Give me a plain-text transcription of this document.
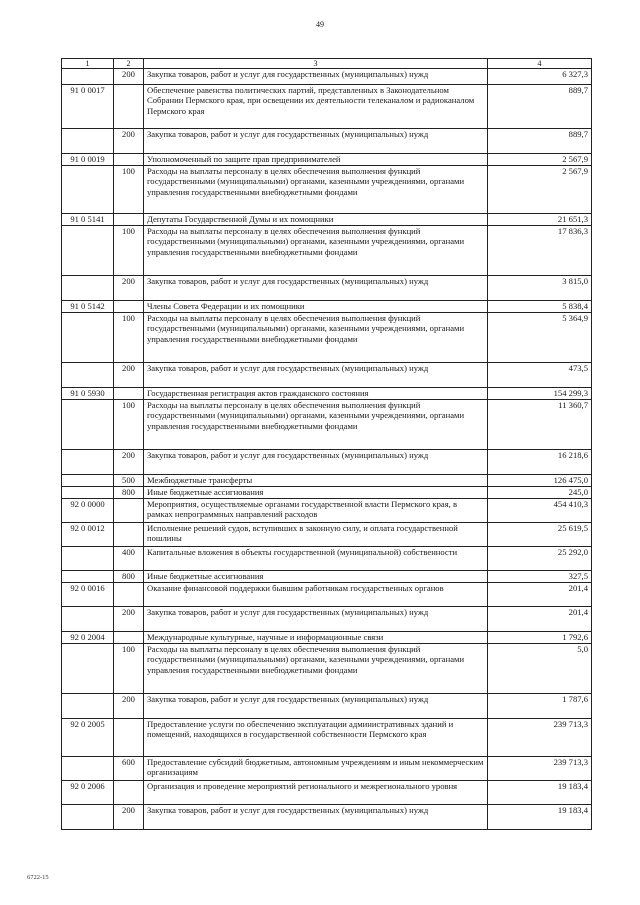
49
1	2	3	4
	200	Закупка товаров, работ и услуг для государственных (муниципальных) нужд	6 327,3
91 0 0017		Обеспечение равенства политических партий, представленных в Законодательном Собрании Пермского края, при освещении их деятельности телеканалом и радиоканалом Пермского края	889,7
	200	Закупка товаров, работ и услуг для государственных (муниципальных) нужд	889,7
91 0 0019		Уполномоченный по защите прав предпринимателей	2 567,9
	100	Расходы на выплаты персоналу в целях обеспечения выполнения функций государственными (муниципальными) органами, казенными учреждениями, органами управления государственными внебюджетными фондами	2 567,9
91 0 5141		Депутаты Государственной Думы и их помощники	21 651,3
	100	Расходы на выплаты персоналу в целях обеспечения выполнения функций государственными (муниципальными) органами, казенными учреждениями, органами управления государственными внебюджетными фондами	17 836,3
	200	Закупка товаров, работ и услуг для государственных (муниципальных) нужд	3 815,0
91 0 5142		Члены Совета Федерации и их помощники	5 838,4
	100	Расходы на выплаты персоналу в целях обеспечения выполнения функций государственными (муниципальными) органами, казенными учреждениями, органами управления государственными внебюджетными фондами	5 364,9
	200	Закупка товаров, работ и услуг для государственных (муниципальных) нужд	473,5
91 0 5930		Государственная регистрация актов гражданского состояния	154 299,3
	100	Расходы на выплаты персоналу в целях обеспечения выполнения функций государственными (муниципальными) органами, казенными учреждениями, органами управления государственными внебюджетными фондами	11 360,7
	200	Закупка товаров, работ и услуг для государственных (муниципальных) нужд	16 218,6
	500	Межбюджетные трансферты	126 475,0
	800	Иные бюджетные ассигнования	245,0
92 0 0000		Мероприятия, осуществляемые органами государственной власти Пермского края, в рамках непрограммных направлений расходов	454 410,3
92 0 0012		Исполнение решений судов, вступивших в законную силу, и оплата государственной пошлины	25 619,5
	400	Капитальные вложения в объекты государственной (муниципальной) собственности	25 292,0
	800	Иные бюджетные ассигнования	327,5
92 0 0016		Оказание финансовой поддержки бывшим работникам государственных органов	201,4
	200	Закупка товаров, работ и услуг для государственных (муниципальных) нужд	201,4
92 0 2004		Международные культурные, научные и информационные связи	1 792,6
	100	Расходы на выплаты персоналу в целях обеспечения выполнения функций государственными (муниципальными) органами, казенными учреждениями, органами управления государственными внебюджетными фондами	5,0
	200	Закупка товаров, работ и услуг для государственных (муниципальных) нужд	1 787,6
92 0 2005		Предоставление услуги по обеспечению эксплуатации административных зданий и помещений, находящихся в государственной собственности Пермского края	239 713,3
	600	Предоставление субсидий бюджетным, автономным учреждениям и иным некоммерческим организациям	239 713,3
92 0 2006		Организация и проведение мероприятий регионального и межрегионального уровня	19 183,4
	200	Закупка товаров, работ и услуг для государственных (муниципальных) нужд	19 183,4
6722-15
